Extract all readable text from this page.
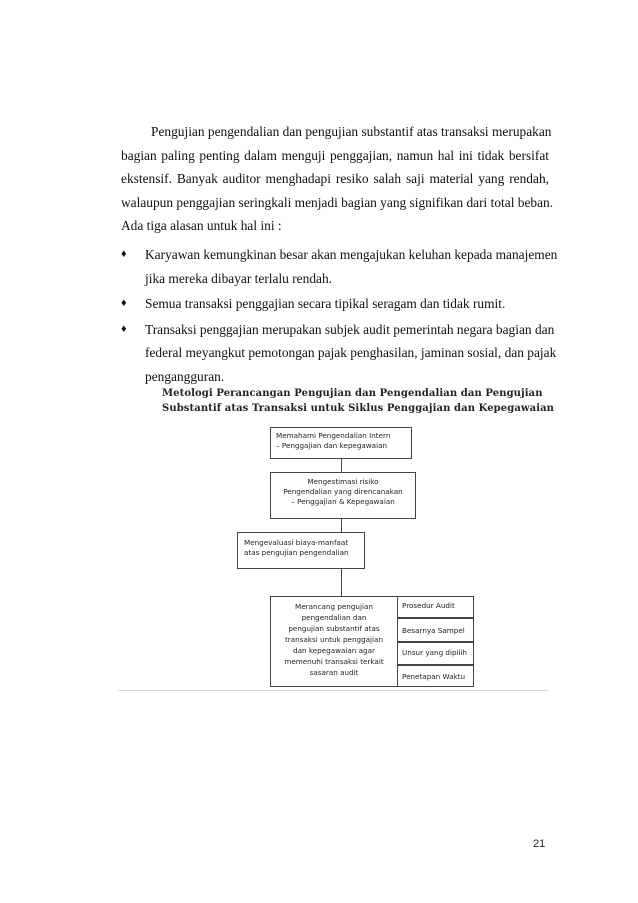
Pengujian pengendalian dan pengujian substantif atas transaksi merupakan
bagian paling penting dalam menguji penggajian, namun hal ini tidak bersifat
ekstensif. Banyak auditor menghadapi resiko salah saji material yang rendah,
walaupun penggajian seringkali menjadi bagian yang signifikan dari total beban.
Ada tiga alasan untuk hal ini :
♦ Karyawan kemungkinan besar akan mengajukan keluhan kepada manajemen
jika mereka dibayar terlalu rendah.
♦ Semua transaksi penggajian secara tipikal seragam dan tidak rumit.
♦ Transaksi penggajian merupakan subjek audit pemerintah negara bagian dan
federal meyangkut pemotongan pajak penghasilan, jaminan sosial, dan pajak
pengangguran.
Metologi Perancangan Pengujian dan Pengendalian dan Pengujian
Substantif atas Transaksi untuk Siklus Penggajian dan Kepegawaian
Memahami Pengendalian Intern
– Penggajian dan kepegawaian
Mengestimasi risiko
Pengendalian yang direncanakan
– Penggajian & Kepegawaian
Mengevaluasi biaya-manfaat
atas pengujian pengendalian
Merancang pengujian
pengendalian dan
pengujian substantif atas
transaksi untuk penggajian
dan kepegawaian agar
memenuhi transaksi terkait
sasaran audit
Prosedur Audit
Besarnya Sampel
Unsur yang dipilih
Penetapan Waktu
21
